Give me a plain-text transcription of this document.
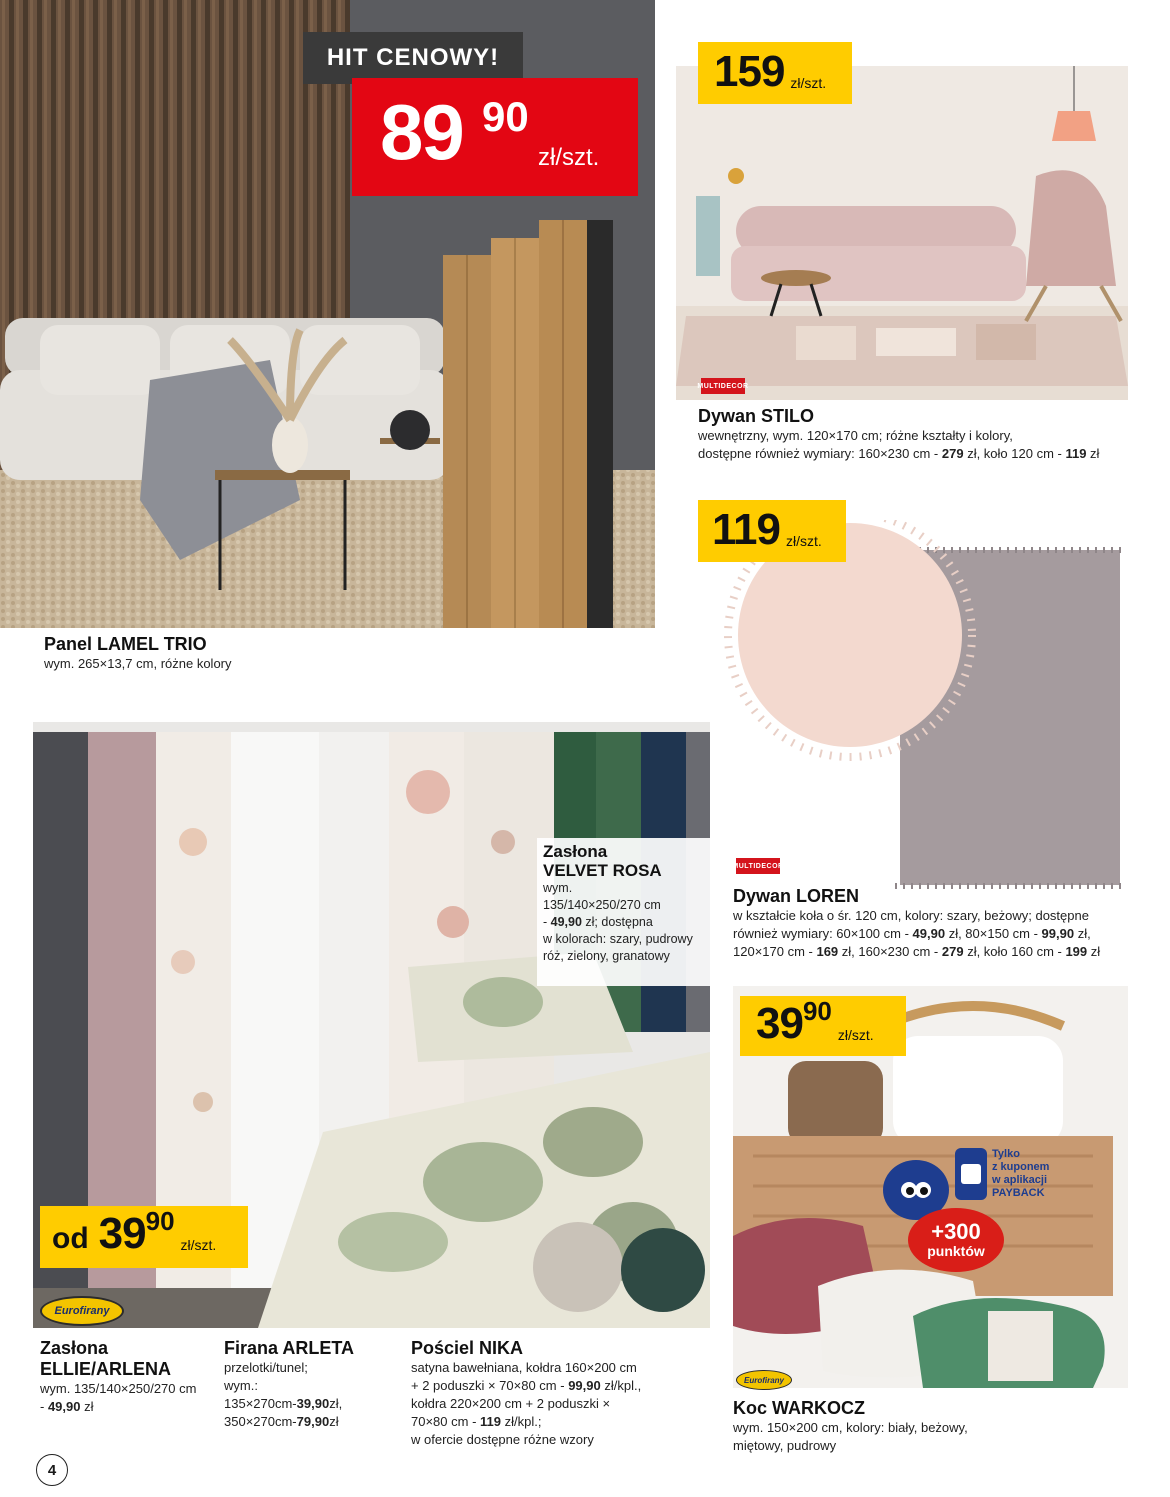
HIT CENOWY!
89 90
zł/szt.
Panel LAMEL TRIO
wym. 265×13,7 cm, różne kolory
159 zł/szt.
MULTIDECOR
Dywan STILO
wewnętrzny, wym. 120×170 cm; różne kształty i kolory,
dostępne również wymiary: 160×230 cm - 279 zł, koło 120 cm - 119 zł
119 zł/szt.
MULTIDECOR
Dywan LOREN
w kształcie koła o śr. 120 cm, kolory: szary, beżowy; dostępne
również wymiary: 60×100 cm - 49,90 zł, 80×150 cm - 99,90 zł,
120×170 cm - 169 zł, 160×230 cm - 279 zł, koło 160 cm - 199 zł
Zasłona
VELVET ROSA
wym.
135/140×250/270 cm
- 49,90 zł; dostępna
w kolorach: szary, pudrowy
róż, zielony, granatowy
od 39 90
zł/szt.
Eurofirany
Zasłona
ELLIE/ARLENA
wym. 135/140×250/270 cm
- 49,90 zł
Firana ARLETA
przelotki/tunel;
wym.:
135×270cm-39,90zł,
350×270cm-79,90zł
Pościel NIKA
satyna bawełniana, kołdra 160×200 cm
+ 2 poduszki × 70×80 cm - 99,90 zł/kpl.,
kołdra 220×200 cm + 2 poduszki ×
70×80 cm - 119 zł/kpl.;
w ofercie dostępne różne wzory
39 90
zł/szt.
Tylko
z kuponem
w aplikacji
PAYBACK
+300
punktów
Eurofirany
Koc WARKOCZ
wym. 150×200 cm, kolory: biały, beżowy,
miętowy, pudrowy
4
